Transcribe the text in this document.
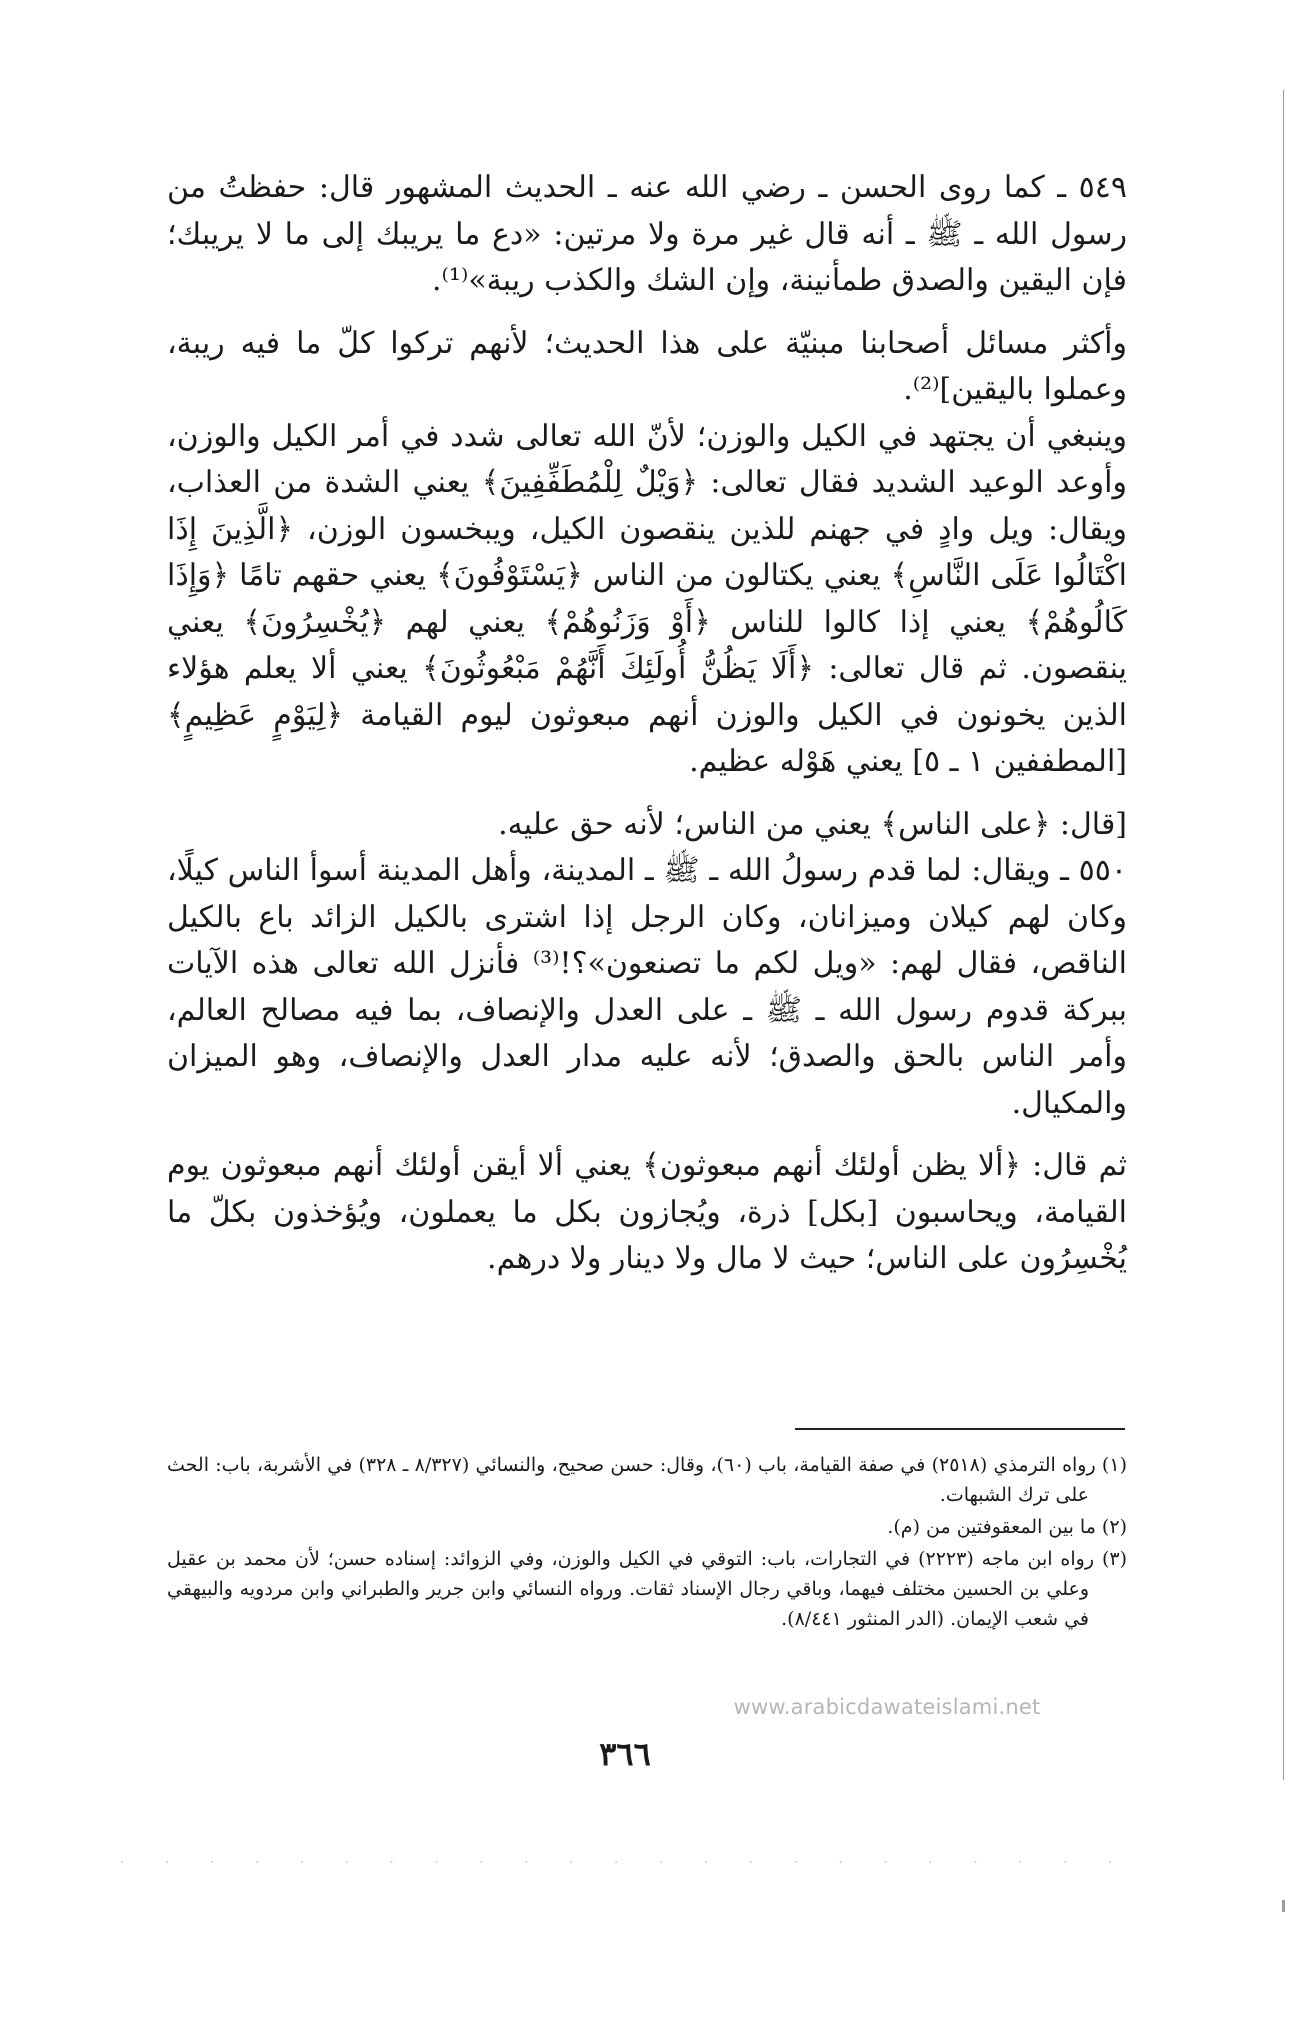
٥٤٩ ـ كما روى الحسن ـ رضي الله عنه ـ الحديث المشهور قال: حفظتُ من رسول الله ـ ﷺ ـ أنه قال غير مرة ولا مرتين: «دع ما يريبك إلى ما لا يريبك؛ فإن اليقين والصدق طمأنينة، وإن الشك والكذب ريبة»⁽¹⁾.

وأكثر مسائل أصحابنا مبنيّة على هذا الحديث؛ لأنهم تركوا كلّ ما فيه ريبة، وعملوا باليقين]⁽²⁾.

وينبغي أن يجتهد في الكيل والوزن؛ لأنّ الله تعالى شدد في أمر الكيل والوزن، وأوعد الوعيد الشديد فقال تعالى: ﴿وَيْلٌ لِلْمُطَفِّفِينَ﴾ يعني الشدة من العذاب، ويقال: ويل وادٍ في جهنم للذين ينقصون الكيل، ويبخسون الوزن، ﴿الَّذِينَ إِذَا اكْتَالُوا عَلَى النَّاسِ﴾ يعني يكتالون من الناس ﴿يَسْتَوْفُونَ﴾ يعني حقهم تامًا ﴿وَإِذَا كَالُوهُمْ﴾ يعني إذا كالوا للناس ﴿أَوْ وَزَنُوهُمْ﴾ يعني لهم ﴿يُخْسِرُونَ﴾ يعني ينقصون. ثم قال تعالى: ﴿أَلَا يَظُنُّ أُولَئِكَ أَنَّهُمْ مَبْعُوثُونَ﴾ يعني ألا يعلم هؤلاء الذين يخونون في الكيل والوزن أنهم مبعوثون ليوم القيامة ﴿لِيَوْمٍ عَظِيمٍ﴾ [المطففين ١ ـ ٥] يعني هَوْله عظيم.

[قال: ﴿على الناس﴾ يعني من الناس؛ لأنه حق عليه.

٥٥٠ ـ ويقال: لما قدم رسولُ الله ـ ﷺ ـ المدينة، وأهل المدينة أسوأ الناس كيلًا، وكان لهم كيلان وميزانان، وكان الرجل إذا اشترى بالكيل الزائد باع بالكيل الناقص، فقال لهم: «ويل لكم ما تصنعون»؟!⁽³⁾ فأنزل الله تعالى هذه الآيات ببركة قدوم رسول الله ـ ﷺ ـ على العدل والإنصاف، بما فيه مصالح العالم، وأمر الناس بالحق والصدق؛ لأنه عليه مدار العدل والإنصاف، وهو الميزان والمكيال.

ثم قال: ﴿ألا يظن أولئك أنهم مبعوثون﴾ يعني ألا أيقن أولئك أنهم مبعوثون يوم القيامة، ويحاسبون [بكل] ذرة، ويُجازون بكل ما يعملون، ويُؤخذون بكلّ ما يُخْسِرُون على الناس؛ حيث لا مال ولا دينار ولا درهم.

(١) رواه الترمذي (٢٥١٨) في صفة القيامة، باب (٦٠)، وقال: حسن صحيح، والنسائي (٨/٣٢٧ ـ ٣٢٨) في الأشربة، باب: الحث على ترك الشبهات.

(٢) ما بين المعقوفتين من (م).

(٣) رواه ابن ماجه (٢٢٢٣) في التجارات، باب: التوقي في الكيل والوزن، وفي الزوائد: إسناده حسن؛ لأن محمد بن عقيل وعلي بن الحسين مختلف فيهما، وباقي رجال الإسناد ثقات. ورواه النسائي وابن جرير والطبراني وابن مردويه والبيهقي في شعب الإيمان. (الدر المنثور ٨/٤٤١).

www.arabicdawateislami.net
٣٦٦
· · · · · · · · · · · · · · · · · · · · · · ·
